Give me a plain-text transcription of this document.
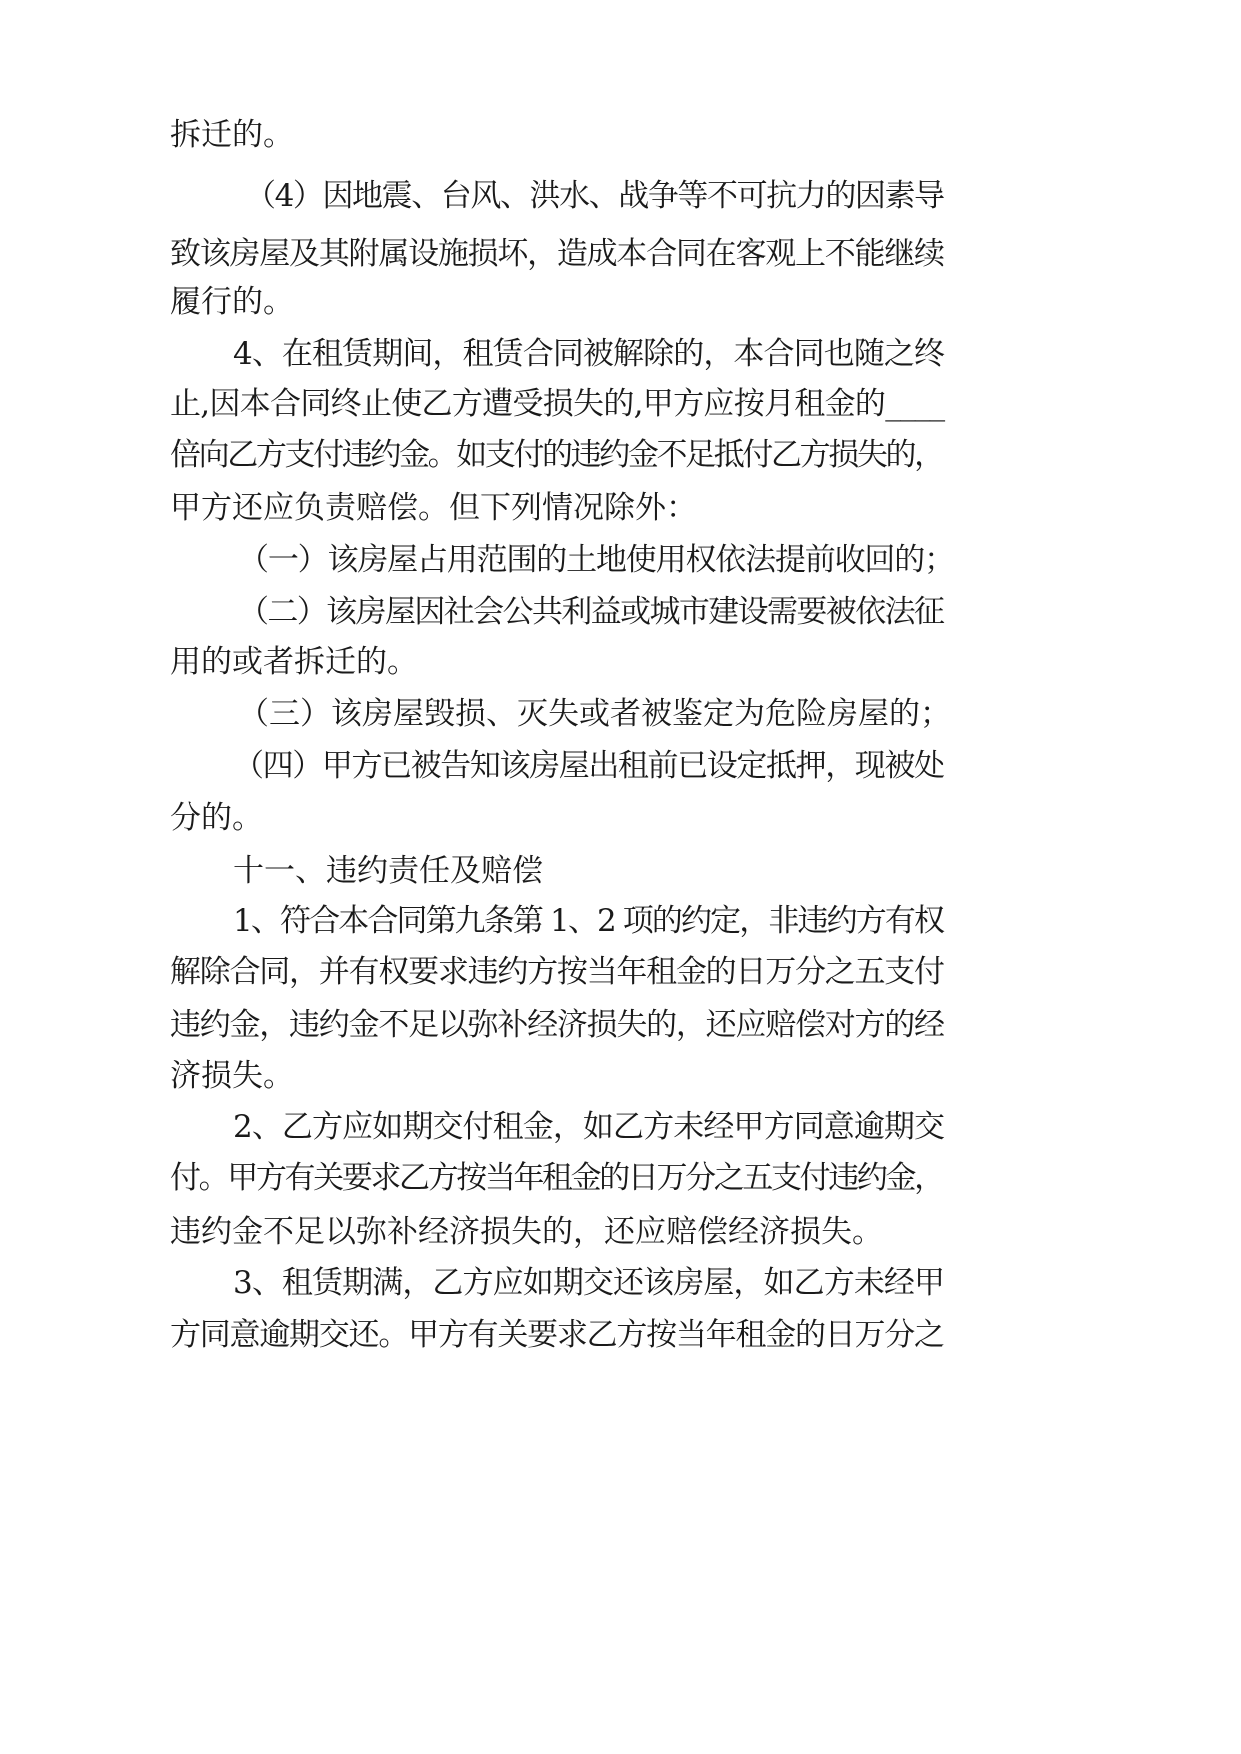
拆迁的。

（4）因地震、台风、洪水、战争等不可抗力的因素导

致该房屋及其附属设施损坏，造成本合同在客观上不能继续

履行的。

4、在租赁期间，租赁合同被解除的，本合同也随之终

止,因本合同终止使乙方遭受损失的,甲方应按月租金的____

倍向乙方支付违约金。如支付的违约金不足抵付乙方损失的，

甲方还应负责赔偿。但下列情况除外：

（一）该房屋占用范围的土地使用权依法提前收回的；

（二）该房屋因社会公共利益或城市建设需要被依法征

用的或者拆迁的。

（三）该房屋毁损、灭失或者被鉴定为危险房屋的；

（四）甲方已被告知该房屋出租前已设定抵押，现被处

分的。

十一、违约责任及赔偿

1、符合本合同第九条第 1、2 项的约定，非违约方有权

解除合同，并有权要求违约方按当年租金的日万分之五支付

违约金，违约金不足以弥补经济损失的，还应赔偿对方的经

济损失。

2、乙方应如期交付租金，如乙方未经甲方同意逾期交

付。甲方有关要求乙方按当年租金的日万分之五支付违约金，

违约金不足以弥补经济损失的，还应赔偿经济损失。

3、租赁期满，乙方应如期交还该房屋，如乙方未经甲

方同意逾期交还。甲方有关要求乙方按当年租金的日万分之
